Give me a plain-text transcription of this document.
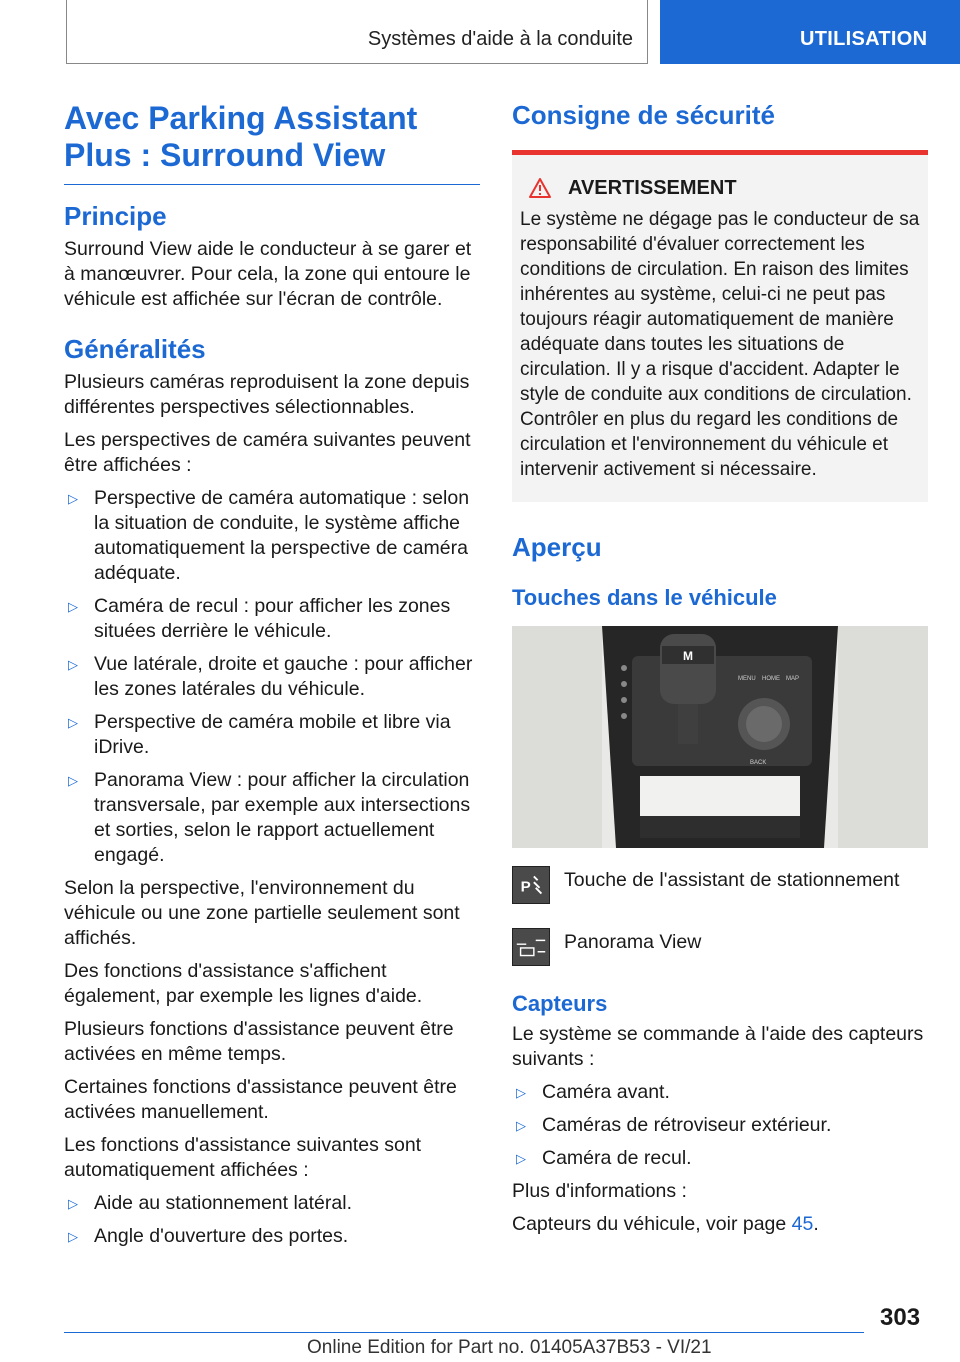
Systèmes d'aide à la conduite	UTILISATION
Avec Parking Assistant
Plus : Surround View
Principe

Surround View aide le conducteur à se garer et à manœuvrer. Pour cela, la zone qui entoure le véhicule est affichée sur l'écran de contrôle.

Généralités

Plusieurs caméras reproduisent la zone depuis différentes perspectives sélectionnables.

Les perspectives de caméra suivantes peuvent être affichées :

▷ Perspective de caméra automatique : selon la situation de conduite, le système affiche automatiquement la perspective de caméra adéquate.
▷ Caméra de recul : pour afficher les zones situées derrière le véhicule.
▷ Vue latérale, droite et gauche : pour afficher les zones latérales du véhicule.
▷ Perspective de caméra mobile et libre via iDrive.
▷ Panorama View : pour afficher la circulation transversale, par exemple aux intersections et sorties, selon le rapport actuellement engagé.

Selon la perspective, l'environnement du véhicule ou une zone partielle seulement sont affichés.

Des fonctions d'assistance s'affichent également, par exemple les lignes d'aide.

Plusieurs fonctions d'assistance peuvent être activées en même temps.

Certaines fonctions d'assistance peuvent être activées manuellement.

Les fonctions d'assistance suivantes sont automatiquement affichées :

▷ Aide au stationnement latéral.
▷ Angle d'ouverture des portes.
Consigne de sécurité
AVERTISSEMENT
Le système ne dégage pas le conducteur de sa responsabilité d'évaluer correctement les conditions de circulation. En raison des limites inhérentes au système, celui-ci ne peut pas toujours réagir automatiquement de manière adéquate dans toutes les situations de circulation. Il y a risque d'accident. Adapter le style de conduite aux conditions de circulation. Contrôler en plus du regard les conditions de circulation et l'environnement du véhicule et intervenir activement si nécessaire.
Aperçu
Touches dans le véhicule
M
MENU HOME MAP
BACK
P Touche de l'assistant de stationnement
Panorama View
Capteurs

Le système se commande à l'aide des capteurs suivants :

▷ Caméra avant.
▷ Caméras de rétroviseur extérieur.
▷ Caméra de recul.

Plus d'informations :

Capteurs du véhicule, voir page 45.

303
Online Edition for Part no. 01405A37B53 - VI/21
